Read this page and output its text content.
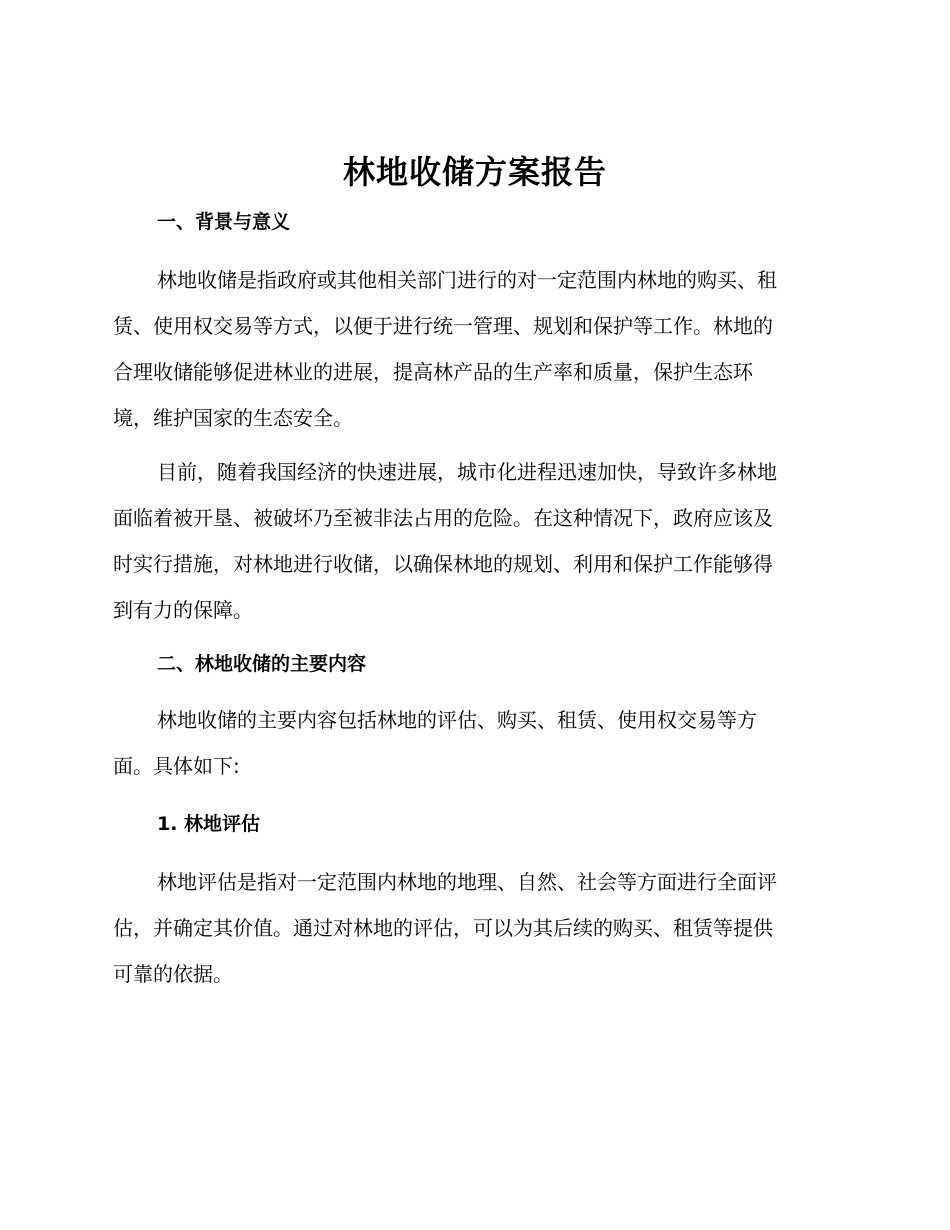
林地收储方案报告
一、背景与意义
林地收储是指政府或其他相关部门进行的对一定范围内林地的购买、租
赁、使用权交易等方式，以便于进行统一管理、规划和保护等工作。林地的
合理收储能够促进林业的进展，提高林产品的生产率和质量，保护生态环
境，维护国家的生态安全。
目前，随着我国经济的快速进展，城市化进程迅速加快，导致许多林地
面临着被开垦、被破坏乃至被非法占用的危险。在这种情况下，政府应该及
时实行措施，对林地进行收储，以确保林地的规划、利用和保护工作能够得
到有力的保障。
二、林地收储的主要内容
林地收储的主要内容包括林地的评估、购买、租赁、使用权交易等方
面。具体如下:
1. 林地评估
林地评估是指对一定范围内林地的地理、自然、社会等方面进行全面评
估，并确定其价值。通过对林地的评估，可以为其后续的购买、租赁等提供
可靠的依据。
